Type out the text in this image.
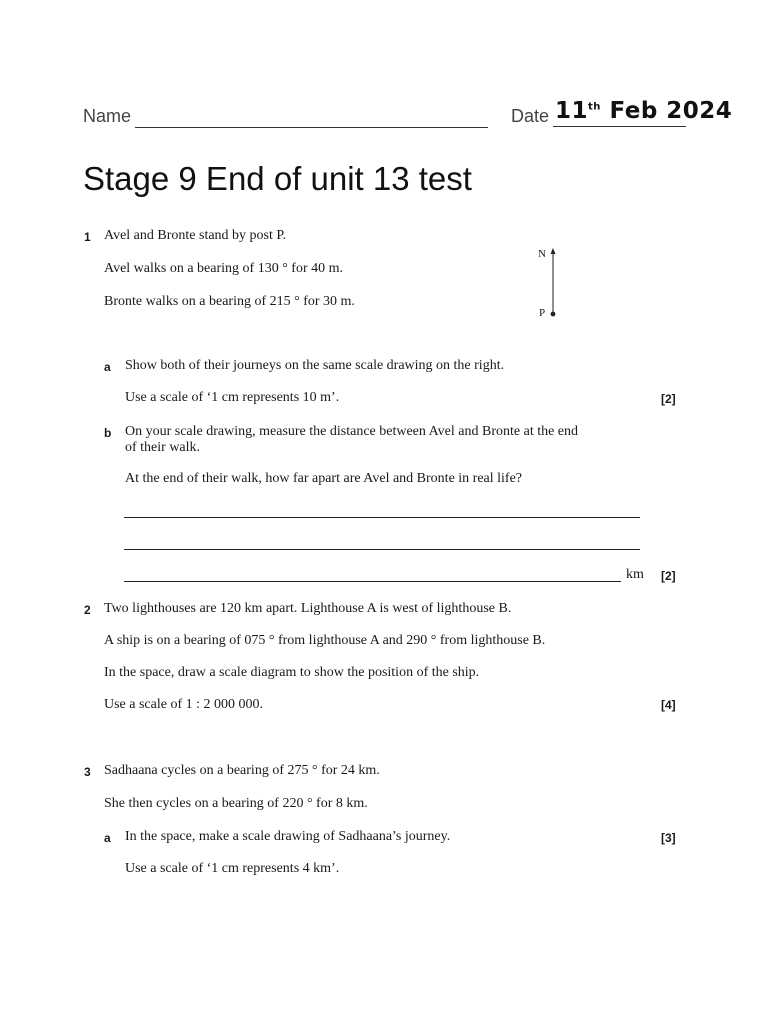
Name	Date 11th Feb 2024
Stage 9 End of unit 13 test
1 Avel and Bronte stand by post P.
Avel walks on a bearing of 130 ° for 40 m.
Bronte walks on a bearing of 215 ° for 30 m.
N
P
a Show both of their journeys on the same scale drawing on the right.
Use a scale of ‘1 cm represents 10 m’.	[2]
b On your scale drawing, measure the distance between Avel and Bronte at the end
of their walk.
At the end of their walk, how far apart are Avel and Bronte in real life?
km [2]
2 Two lighthouses are 120 km apart. Lighthouse A is west of lighthouse B.
A ship is on a bearing of 075 ° from lighthouse A and 290 ° from lighthouse B.
In the space, draw a scale diagram to show the position of the ship.
Use a scale of 1 : 2 000 000.	[4]
3 Sadhaana cycles on a bearing of 275 ° for 24 km.
She then cycles on a bearing of 220 ° for 8 km.
a In the space, make a scale drawing of Sadhaana’s journey.	[3]
Use a scale of ‘1 cm represents 4 km’.
